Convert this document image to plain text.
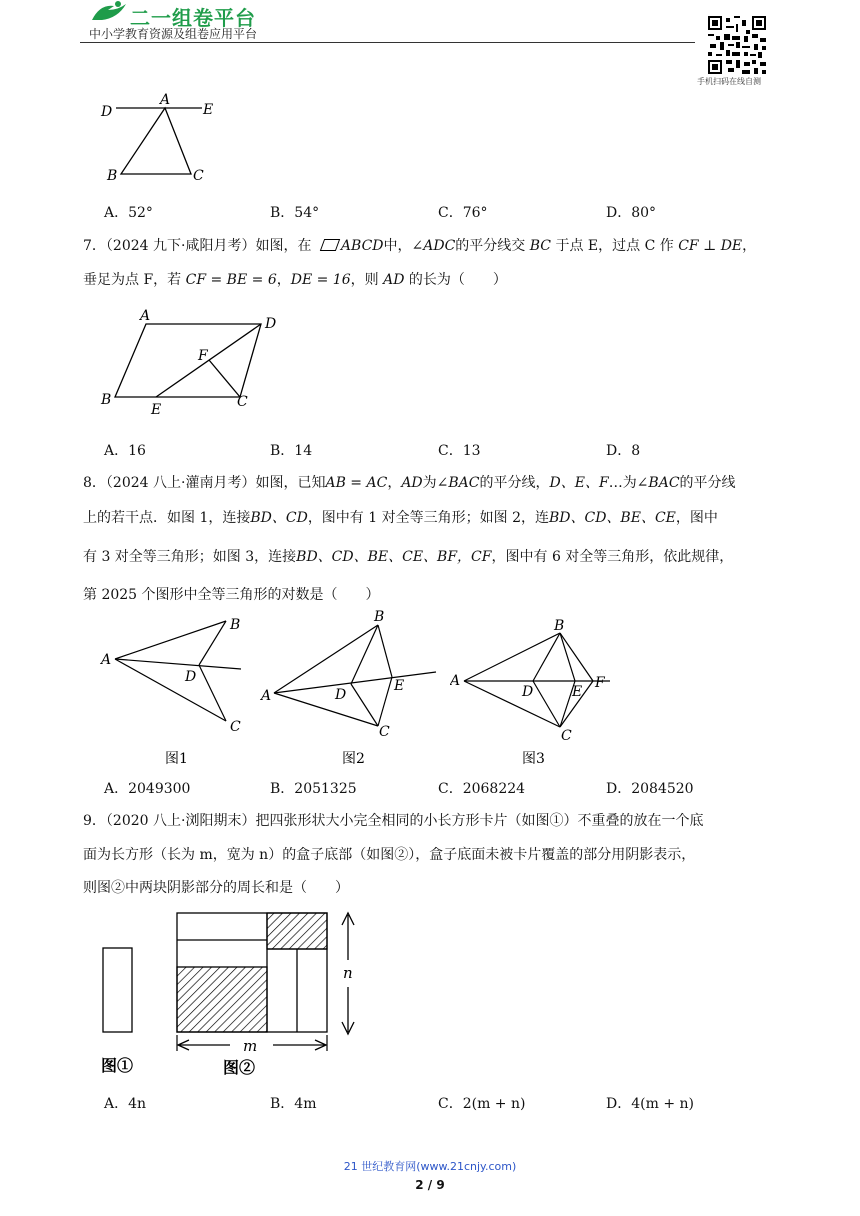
二一组卷平台
中小学教育资源及组卷应用平台
手机扫码在线自测
D
A
E
B	C
A．52°	B．54°	C．76°	D．80°
7．（2024 九下·咸阳月考）如图，在 ABCD中，∠ADC的平分线交 BC 于点 E，过点 C 作 CF ⊥ DE，
垂足为点 F，若 CF = BE = 6，DE = 16，则 AD 的长为（　　）
A	D
F
B
E	C
A．16	B．14	C．13	D．8
8．（2024 八上·灌南月考）如图，已知AB = AC，AD为∠BAC的平分线，D、E、F…为∠BAC的平分线
上的若干点．如图 1，连接BD、CD，图中有 1 对全等三角形；如图 2，连BD、CD、BE、CE，图中
有 3 对全等三角形；如图 3，连接BD、CD、BE、CE、BF，CF，图中有 6 对全等三角形，依此规律，
第 2025 个图形中全等三角形的对数是（　　）
A
B
D
C
图1
A
B
D
E
C
图2
A
B
D	E
F
C
图3
A．2049300	B．2051325	C．2068224	D．2084520
9．（2020 八上·浏阳期末）把四张形状大小完全相同的小长方形卡片（如图①）不重叠的放在一个底
面为长方形（长为 m，宽为 n）的盒子底部（如图②），盒子底面未被卡片覆盖的部分用阴影表示，
则图②中两块阴影部分的周长和是（　　）
n
m
图①	图②
A．4n	B．4m	C．2(m + n)	D．4(m + n)
21 世纪教育网(www.21cnjy.com)
2 / 9
